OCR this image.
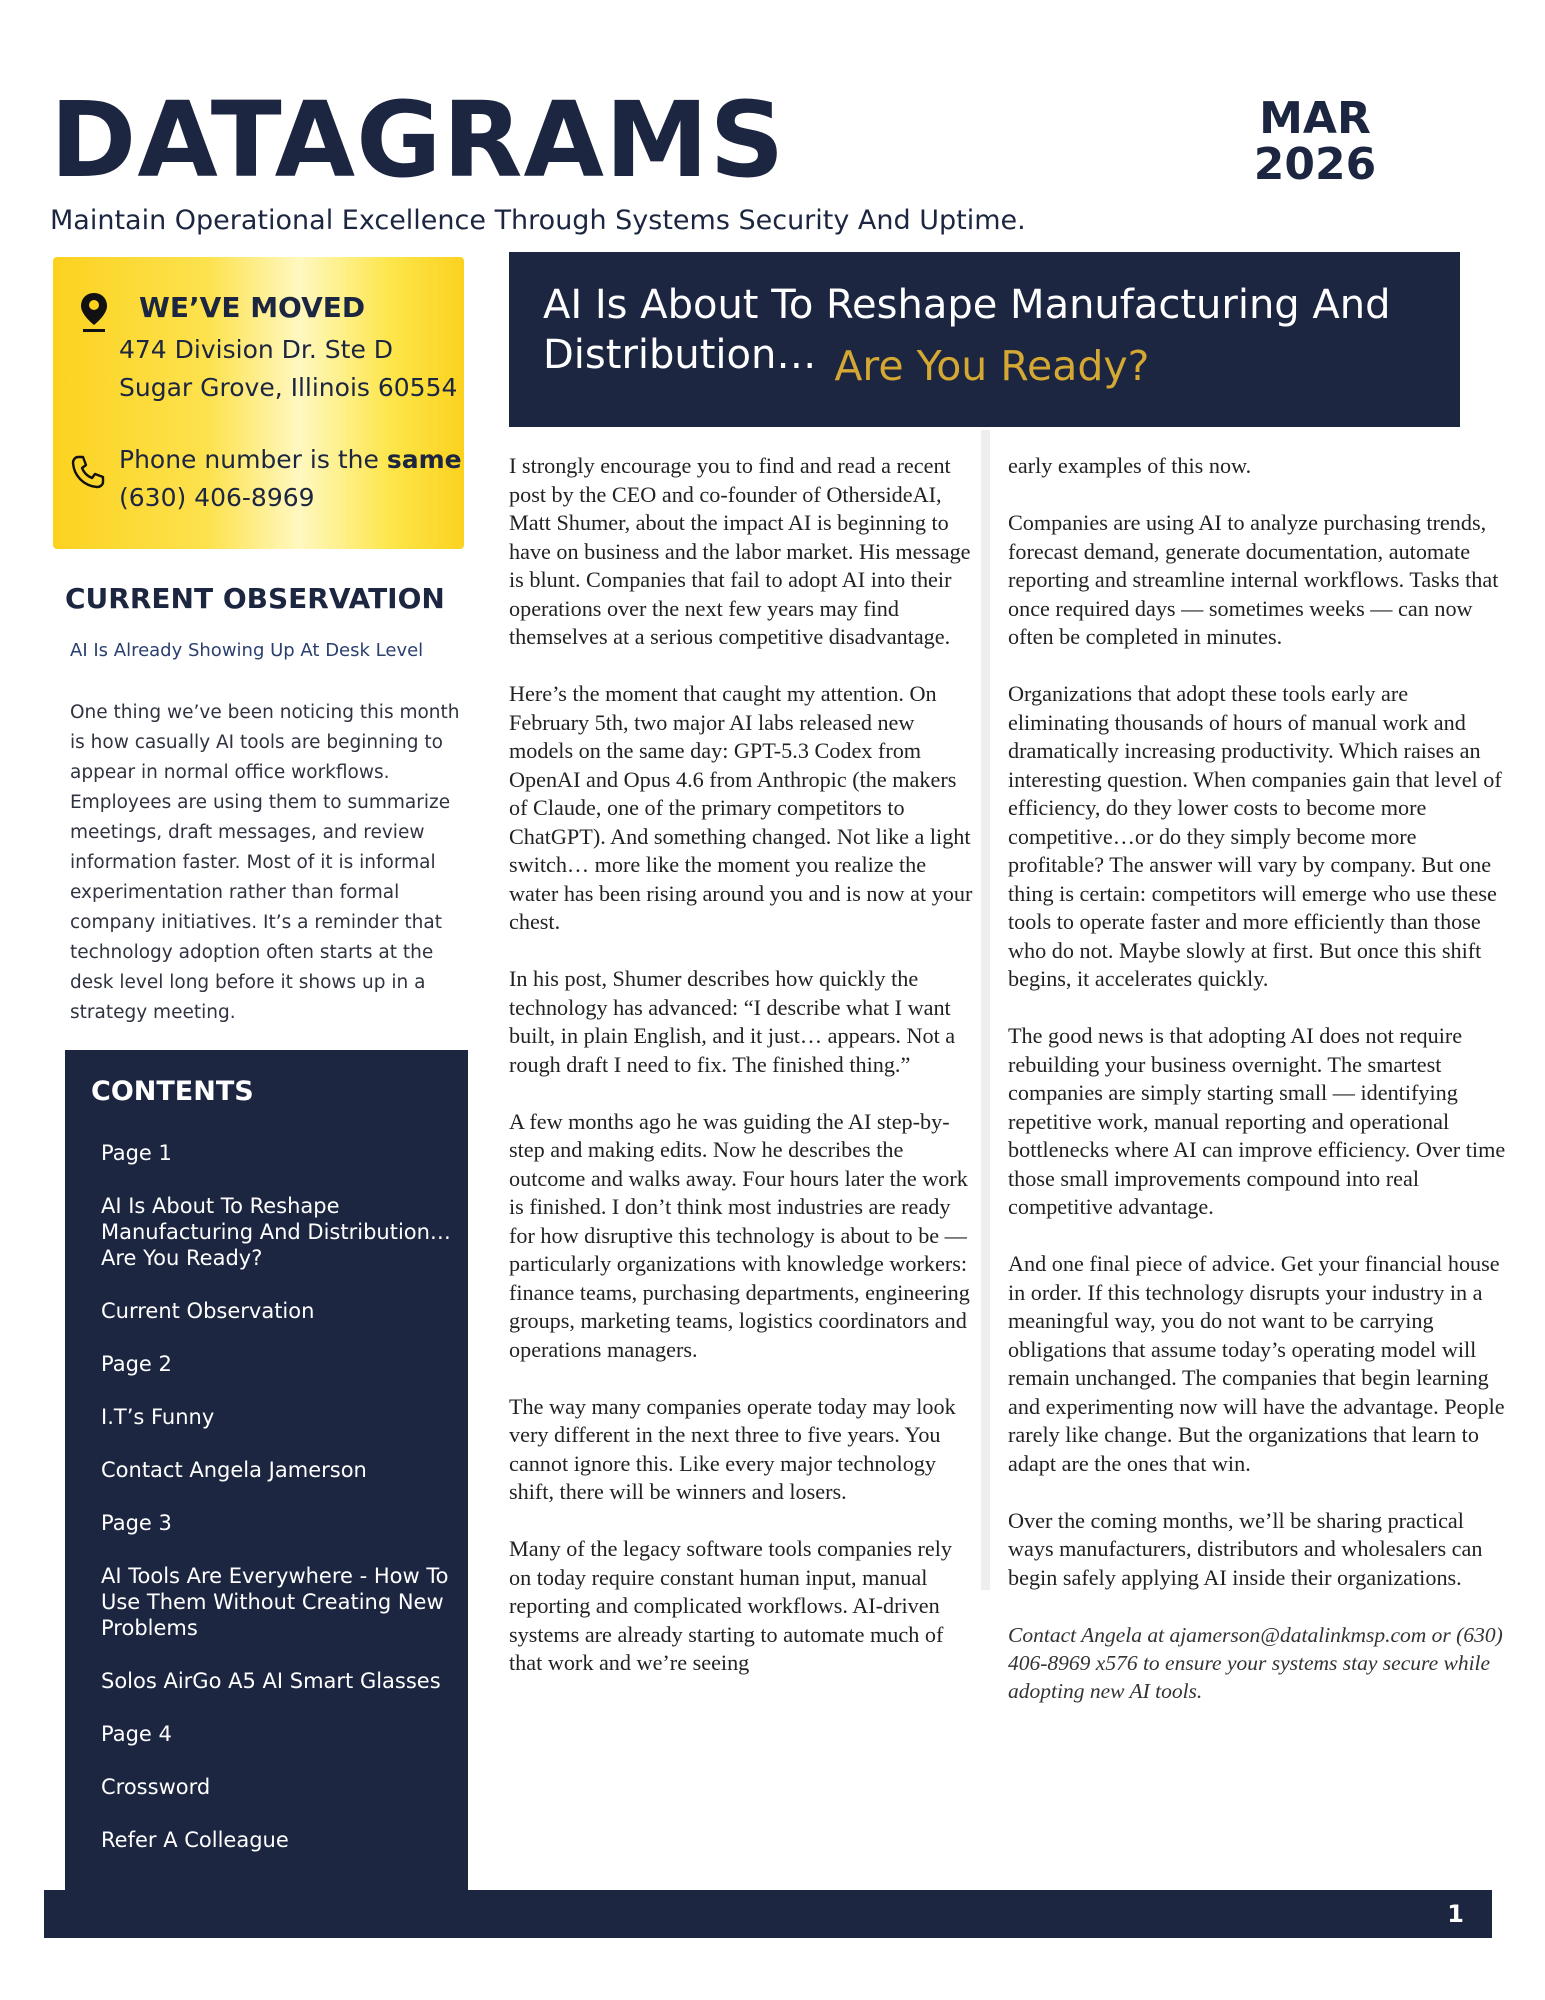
DATAGRAMS	MAR
2026
Maintain Operational Excellence Through Systems Security And Uptime.
WE’VE MOVED
474 Division Dr. Ste D
Sugar Grove, Illinois 60554
Phone number is the same
(630) 406-8969
CURRENT OBSERVATION
AI Is Already Showing Up At Desk Level
One thing we’ve been noticing this month is how casually AI tools are beginning to appear in normal office workflows. Employees are using them to summarize meetings, draft messages, and review information faster. Most of it is informal experimentation rather than formal company initiatives. It’s a reminder that technology adoption often starts at the desk level long before it shows up in a strategy meeting.
CONTENTS
Page 1
AI Is About To Reshape Manufacturing And Distribution… Are You Ready?
Current Observation
Page 2
I.T’s Funny
Contact Angela Jamerson
Page 3
AI Tools Are Everywhere - How To Use Them Without Creating New Problems
Solos AirGo A5 AI Smart Glasses
Page 4
Crossword
Refer A Colleague
AI Is About To Reshape Manufacturing And
Distribution… Are You Ready?

I strongly encourage you to find and read a recent post by the CEO and co-founder of OthersideAI, Matt Shumer, about the impact AI is beginning to have on business and the labor market. His message is blunt. Companies that fail to adopt AI into their operations over the next few years may find themselves at a serious competitive disadvantage.

Here’s the moment that caught my attention. On February 5th, two major AI labs released new models on the same day: GPT-5.3 Codex from OpenAI and Opus 4.6 from Anthropic (the makers of Claude, one of the primary competitors to ChatGPT). And something changed. Not like a light switch… more like the moment you realize the water has been rising around you and is now at your chest.

In his post, Shumer describes how quickly the technology has advanced: “I describe what I want built, in plain English, and it just… appears. Not a rough draft I need to fix. The finished thing.”

A few months ago he was guiding the AI step-by-step and making edits. Now he describes the outcome and walks away. Four hours later the work is finished. I don’t think most industries are ready for how disruptive this technology is about to be — particularly organizations with knowledge workers: finance teams, purchasing departments, engineering groups, marketing teams, logistics coordinators and operations managers.

The way many companies operate today may look very different in the next three to five years. You cannot ignore this. Like every major technology shift, there will be winners and losers.

Many of the legacy software tools companies rely on today require constant human input, manual reporting and complicated workflows. AI-driven systems are already starting to automate much of that work and we’re seeing

early examples of this now.

Companies are using AI to analyze purchasing trends, forecast demand, generate documentation, automate reporting and streamline internal workflows. Tasks that once required days — sometimes weeks — can now often be completed in minutes.

Organizations that adopt these tools early are eliminating thousands of hours of manual work and dramatically increasing productivity. Which raises an interesting question. When companies gain that level of efficiency, do they lower costs to become more competitive…or do they simply become more profitable? The answer will vary by company. But one thing is certain: competitors will emerge who use these tools to operate faster and more efficiently than those who do not. Maybe slowly at first. But once this shift begins, it accelerates quickly.

The good news is that adopting AI does not require rebuilding your business overnight. The smartest companies are simply starting small — identifying repetitive work, manual reporting and operational bottlenecks where AI can improve efficiency. Over time those small improvements compound into real competitive advantage.

And one final piece of advice. Get your financial house in order. If this technology disrupts your industry in a meaningful way, you do not want to be carrying obligations that assume today’s operating model will remain unchanged. The companies that begin learning and experimenting now will have the advantage. People rarely like change. But the organizations that learn to adapt are the ones that win.

Over the coming months, we’ll be sharing practical ways manufacturers, distributors and wholesalers can begin safely applying AI inside their organizations.

Contact Angela at ajamerson@datalinkmsp.com or (630) 406-8969 x576 to ensure your systems stay secure while adopting new AI tools.

1
